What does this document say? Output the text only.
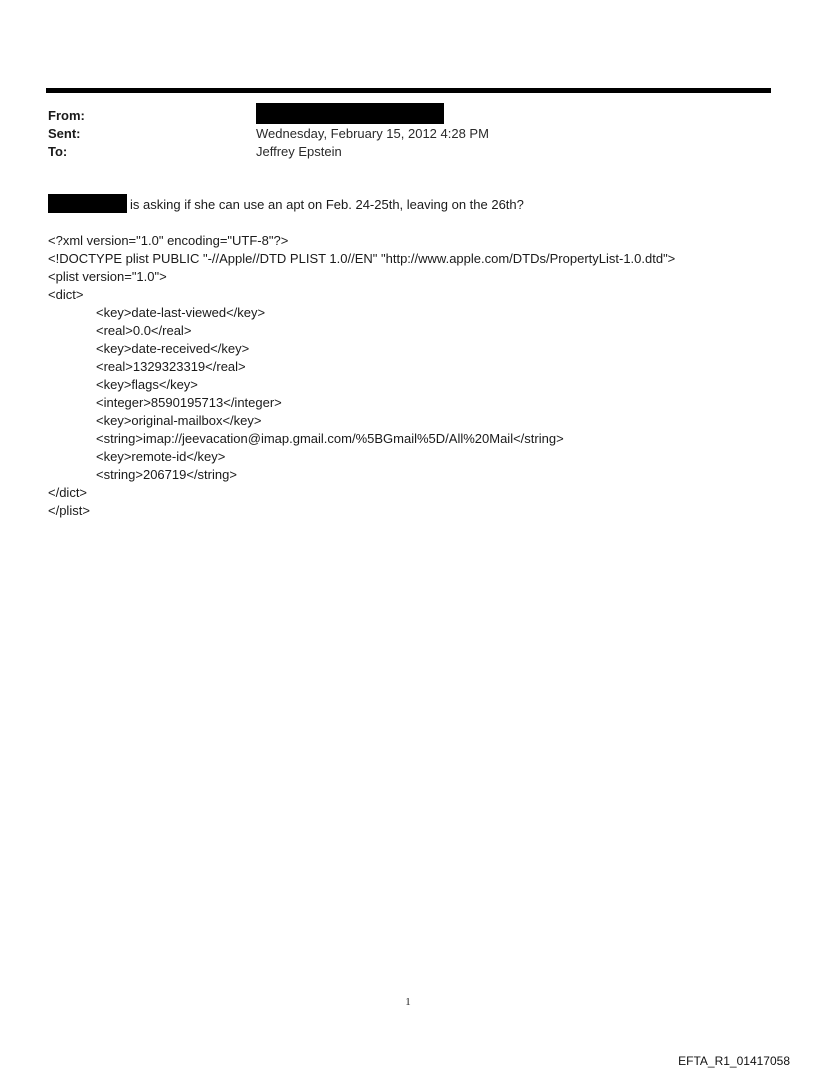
From:
Sent:	Wednesday, February 15, 2012 4:28 PM
To:	Jeffrey Epstein
is asking if she can use an apt on Feb. 24-25th, leaving on the 26th?
<?xml version="1.0" encoding="UTF-8"?>
<!DOCTYPE plist PUBLIC "-//Apple//DTD PLIST 1.0//EN" "http://www.apple.com/DTDs/PropertyList-1.0.dtd">
<plist version="1.0">
<dict>
<key>date-last-viewed</key>
<real>0.0</real>
<key>date-received</key>
<real>1329323319</real>
<key>flags</key>
<integer>8590195713</integer>
<key>original-mailbox</key>
<string>imap://jeevacation@imap.gmail.com/%5BGmail%5D/All%20Mail</string>
<key>remote-id</key>
<string>206719</string>
</dict>
</plist>
1
EFTA_R1_01417058
